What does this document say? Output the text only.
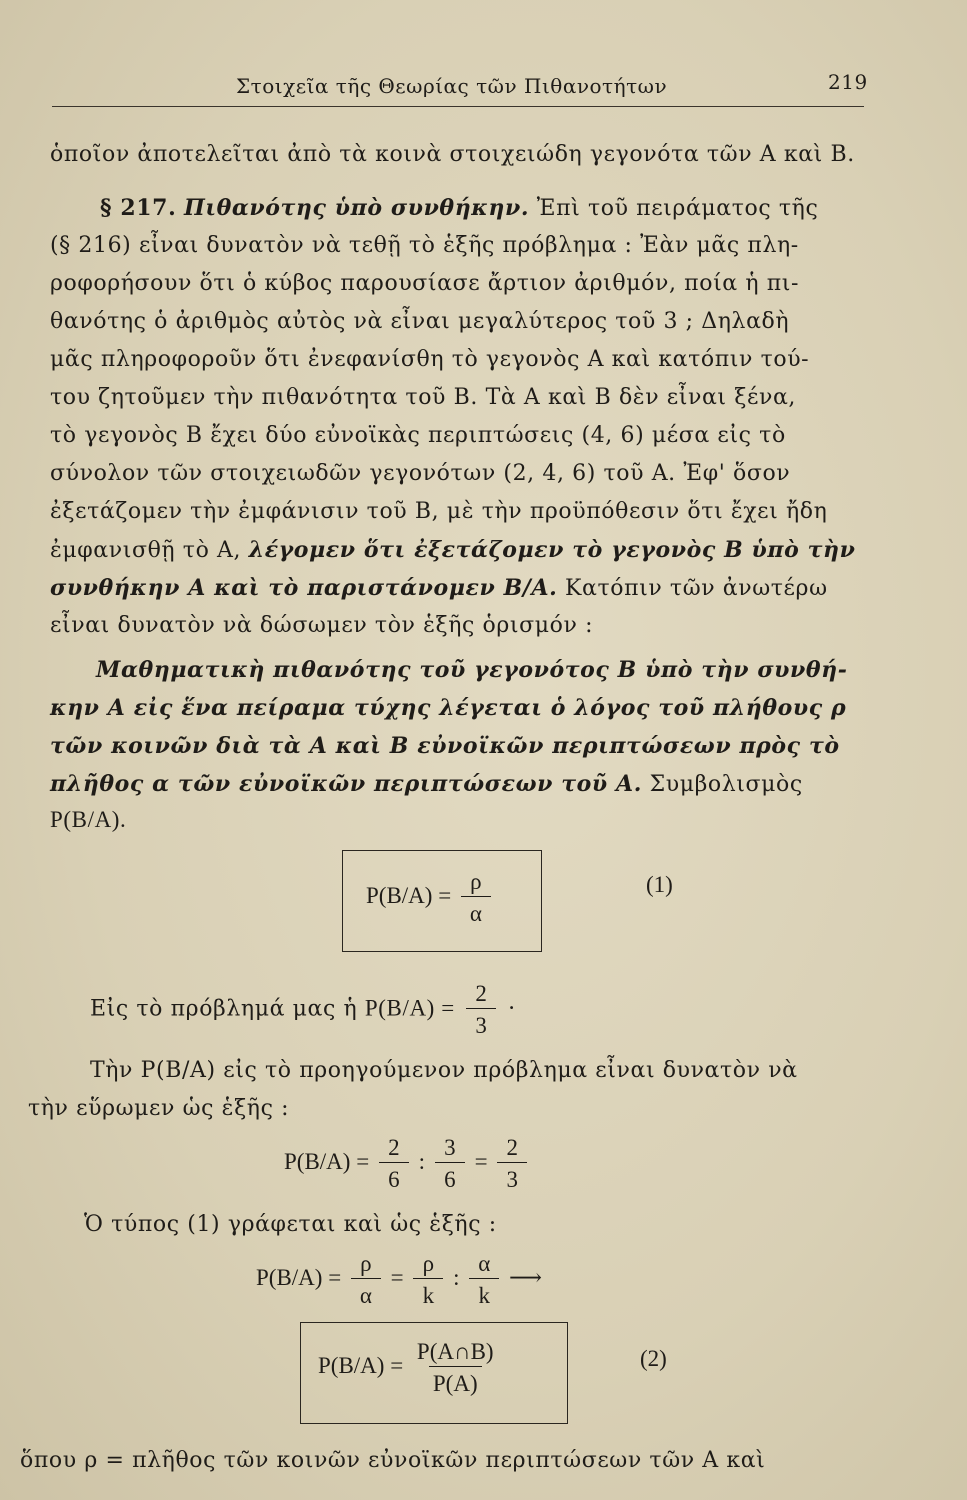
Στοιχεῖα τῆς Θεωρίας τῶν Πιθανοτήτων	219
ὁποῖον ἀποτελεῖται ἀπὸ τὰ κοινὰ στοιχειώδη γεγονότα τῶν Α καὶ Β.
§ 217. Πιθανότης ὑπὸ συνθήκην. Ἐπὶ τοῦ πειράματος τῆς
(§ 216) εἶναι δυνατὸν νὰ τεθῇ τὸ ἑξῆς πρόβλημα : Ἐὰν μᾶς πλη-
ροφορήσουν ὅτι ὁ κύβος παρουσίασε ἄρτιον ἀριθμόν, ποία ἡ πι-
θανότης ὁ ἀριθμὸς αὐτὸς νὰ εἶναι μεγαλύτερος τοῦ 3 ; Δηλαδὴ
μᾶς πληροφοροῦν ὅτι ἐνεφανίσθη τὸ γεγονὸς Α καὶ κατόπιν τού-
του ζητοῦμεν τὴν πιθανότητα τοῦ Β. Τὰ Α καὶ Β δὲν εἶναι ξένα,
τὸ γεγονὸς Β ἔχει δύο εὐνοϊκὰς περιπτώσεις (4, 6) μέσα εἰς τὸ
σύνολον τῶν στοιχειωδῶν γεγονότων (2, 4, 6) τοῦ Α. Ἐφ' ὅσον
ἐξετάζομεν τὴν ἐμφάνισιν τοῦ Β, μὲ τὴν προϋπόθεσιν ὅτι ἔχει ἤδη
ἐμφανισθῇ τὸ Α, λέγομεν ὅτι ἐξετάζομεν τὸ γεγονὸς Β ὑπὸ τὴν
συνθήκην Α καὶ τὸ παριστάνομεν Β/Α. Κατόπιν τῶν ἀνωτέρω
εἶναι δυνατὸν νὰ δώσωμεν τὸν ἑξῆς ὁρισμόν :
Μαθηματικὴ πιθανότης τοῦ γεγονότος Β ὑπὸ τὴν συνθή-
κην Α εἰς ἕνα πείραμα τύχης λέγεται ὁ λόγος τοῦ πλήθους ρ
τῶν κοινῶν διὰ τὰ Α καὶ Β εὐνοϊκῶν περιπτώσεων πρὸς τὸ
πλῆθος α τῶν εὐνοϊκῶν περιπτώσεων τοῦ Α. Συμβολισμὸς
P(B/A).
$P(B/A) = \frac{\rho}{\alpha}$	(1)
Εἰς τὸ πρόβλημά μας ἡ $P(B/A) = \frac{2}{3}$ ·
Τὴν P(B/A) εἰς τὸ προηγούμενον πρόβλημα εἶναι δυνατὸν νὰ
τὴν εὕρωμεν ὡς ἑξῆς :
$P(B/A) = \frac{2}{6}$ : $\frac{3}{6} = \frac{2}{3}$
Ὁ τύπος (1) γράφεται καὶ ὡς ἑξῆς :
$P(B/A) = \frac{\rho}{\alpha} = \frac{\rho}{k}$ : $\frac{\alpha}{k}$ ⟶
$P(B/A) = \frac{P(A\cap B)}{P(A)}$	(2)
ὅπου ρ = πλῆθος τῶν κοινῶν εὐνοϊκῶν περιπτώσεων τῶν Α καὶ
